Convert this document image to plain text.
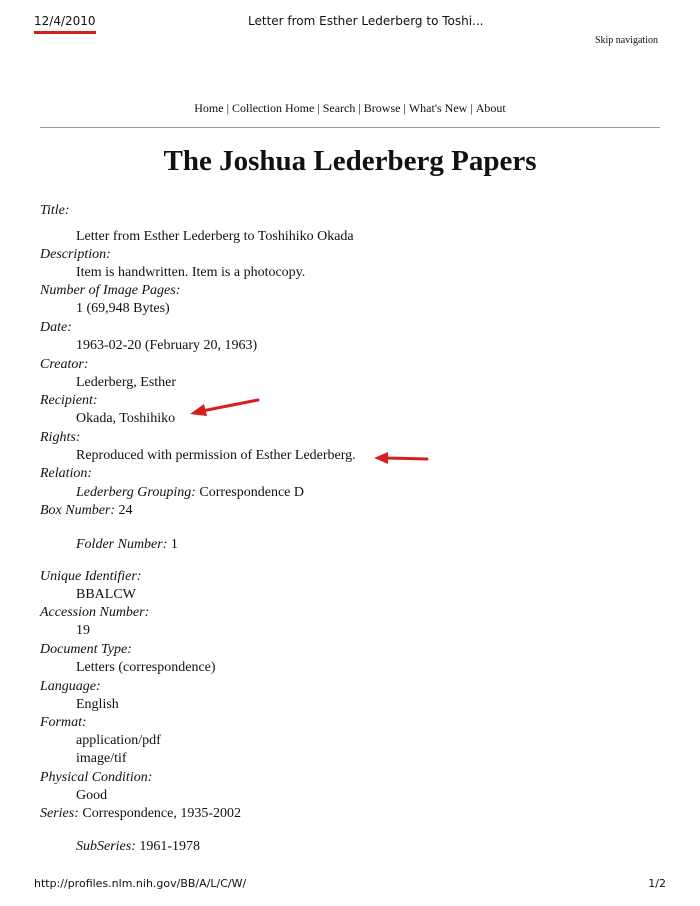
12/4/2010	Letter from Esther Lederberg to Toshi...
Skip navigation
Home | Collection Home | Search | Browse | What's New | About
The Joshua Lederberg Papers
Title:
Letter from Esther Lederberg to Toshihiko Okada
Description:
Item is handwritten. Item is a photocopy.
Number of Image Pages:
1 (69,948 Bytes)
Date:
1963-02-20 (February 20, 1963)
Creator:
Lederberg, Esther
Recipient:
Okada, Toshihiko
Rights:
Reproduced with permission of Esther Lederberg.
Relation:
Lederberg Grouping: Correspondence D
Box Number: 24
Folder Number: 1
Unique Identifier:
BBALCW
Accession Number:
19
Document Type:
Letters (correspondence)
Language:
English
Format:
application/pdf
image/tif
Physical Condition:
Good
Series: Correspondence, 1935-2002
SubSeries: 1961-1978
http://profiles.nlm.nih.gov/BB/A/L/C/W/	1/2
